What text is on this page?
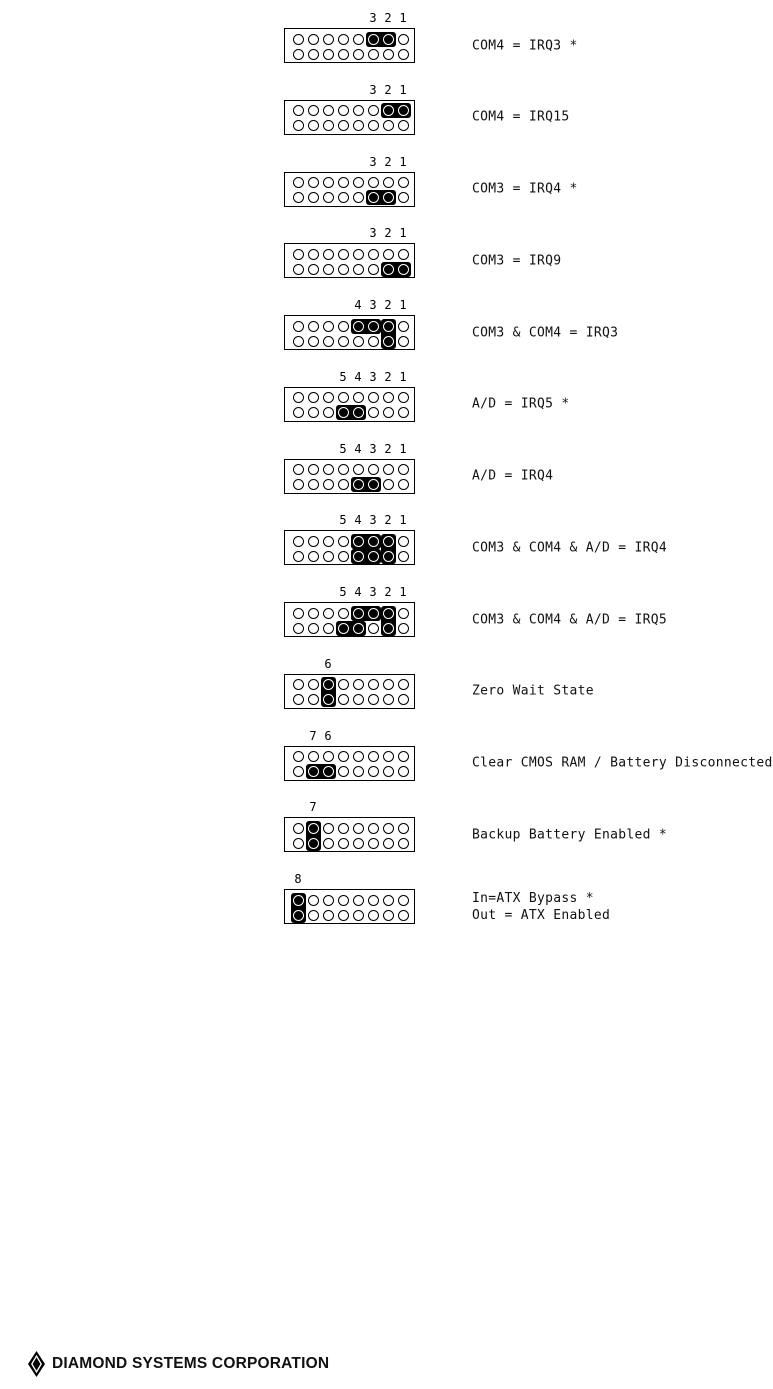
3 2 1
COM4 = IRQ3 *
3 2 1
COM4 = IRQ15
3 2 1
COM3 = IRQ4 *
3 2 1
COM3 = IRQ9
4 3 2 1
COM3 & COM4 = IRQ3
5 4 3 2 1
A/D = IRQ5 *
5 4 3 2 1
A/D = IRQ4
5 4 3 2 1
COM3 & COM4 & A/D = IRQ4
5 4 3 2 1
COM3 & COM4 & A/D = IRQ5
6
Zero Wait State
7 6
Clear CMOS RAM / Battery Disconnected
7
Backup Battery Enabled *
8
In=ATX Bypass *
Out = ATX Enabled
DIAMOND SYSTEMS CORPORATION
